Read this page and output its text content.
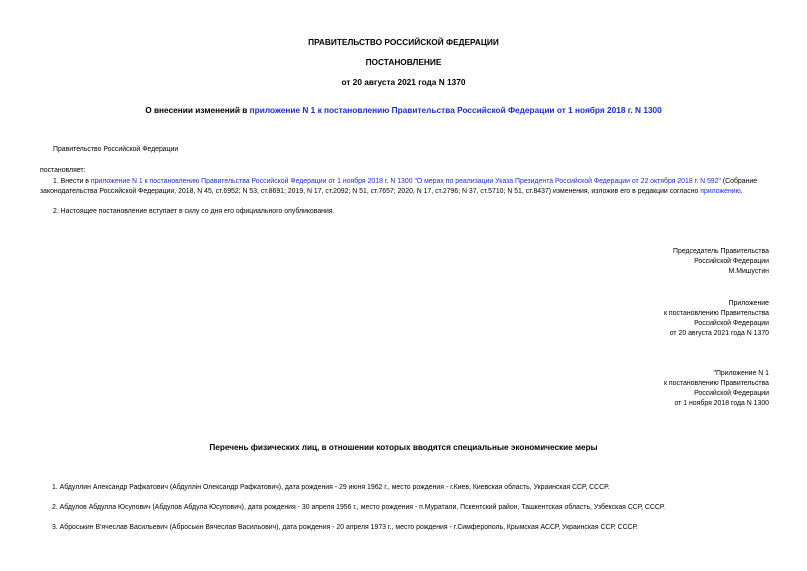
ПРАВИТЕЛЬСТВО РОССИЙСКОЙ ФЕДЕРАЦИИ
ПОСТАНОВЛЕНИЕ
от 20 августа 2021 года N 1370
О внесении изменений в приложение N 1 к постановлению Правительства Российской Федерации от 1 ноября 2018 г. N 1300
Правительство Российской Федерации
постановляет:
1. Внести в приложение N 1 к постановлению Правительства Российской Федерации от 1 ноября 2018 г. N 1300 "О мерах по реализации Указа Президента Российской Федерации от 22 октября 2018 г. N 592" (Собрание законодательства Российской Федерации, 2018, N 45, ст.6952; N 53, ст.8691; 2019, N 17, ст.2092; N 51, ст.7657; 2020, N 17, ст.2796; N 37, ст.5710; N 51, ст.8437) изменения, изложив его в редакции согласно приложению.
2. Настоящее постановление вступает в силу со дня его официального опубликования.
Председатель Правительства
Российской Федерации
М.Мишустин
Приложение
к постановлению Правительства
Российской Федерации
от 20 августа 2021 года N 1370
"Приложение N 1
к постановлению Правительства
Российской Федерации
от 1 ноября 2018 года N 1300
Перечень физических лиц, в отношении которых вводятся специальные экономические меры
1. Абдуллин Александр Рафкатович (Абдуллін Олександр Рафкатович), дата рождения - 29 июня 1962 г., место рождения - г.Киев, Киевская область, Украинская ССР, СССР.
2. Абдулов Абдулла Юсупович (Абдулов Абдула Юсупович), дата рождения - 30 апреля 1956 г., место рождения - п.Муратали, Пскентский район, Ташкентская область, Узбекская ССР, СССР.
3. Аброськин В'ячеслав Васильевич (Аброськін Вячеслав Васильович), дата рождения - 20 апреля 1973 г., место рождения - г.Симферополь, Крымская АССР, Украинская ССР, СССР.
